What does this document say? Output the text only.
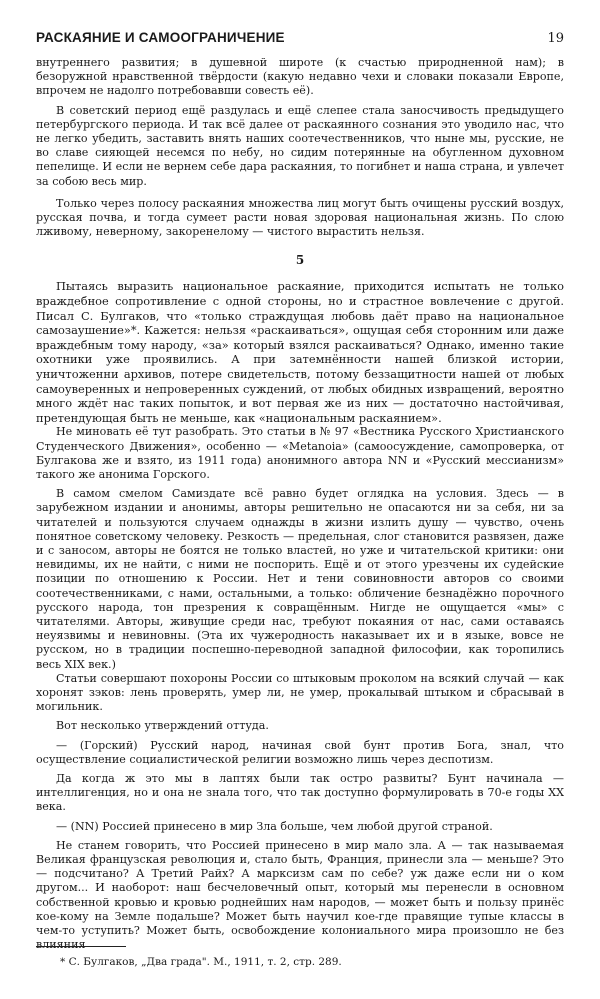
РАСКАЯНИЕ И САМООГРАНИЧЕНИЕ	19

внутреннего развития; в душевной широте (к счастью природненной нам); в безоружной нравственной твёрдости (какую недавно чехи и словаки показали Европе, впрочем не надолго потребовавши совесть её).

В советский период ещё раздулась и ещё слепее стала заносчивость предыдущего петербургского периода. И так всё далее от раскаянного сознания это уводило нас, что не легко убедить, заставить внять наших соотечественников, что ныне мы, русские, не во славе сияющей несемся по небу, но сидим потерянные на обугленном духовном пепелище. И если не вернем себе дара раскаяния, то погибнет и наша страна, и увлечет за собою весь мир.

Только через полосу раскаяния множества лиц могут быть очищены русский воздух, русская почва, и тогда сумеет расти новая здоровая национальная жизнь. По слою лживому, неверному, закоренелому — чистого вырастить нельзя.

5

Пытаясь выразить национальное раскаяние, приходится испытать не только враждебное сопротивление с одной стороны, но и страстное вовлечение с другой. Писал С. Булгаков, что «только страждущая любовь даёт право на национальное самозаушение»*. Кажется: нельзя «раскаиваться», ощущая себя сторонним или даже враждебным тому народу, «за» который взялся раскаиваться? Однако, именно такие охотники уже проявились. А при затемнённости нашей близкой истории, уничтоженни архивов, потере свидетельств, потому беззащитности нашей от любых самоуверенных и непроверенных суждений, от любых обидных извращений, вероятно много ждёт нас таких попыток, и вот первая же из них — достаточно настойчивая, претендующая быть не меньше, как «национальным раскаянием».

Не миновать её тут разобрать. Это статьи в № 97 «Вестника Русского Христианского Студенческого Движения», особенно — «Metanoia» (самоосуждение, самопроверка, от Булгакова же и взято, из 1911 года) анонимного автора NN и «Русский мессианизм» такого же анонима Горского.

В самом смелом Самиздате всё равно будет оглядка на условия. Здесь — в зарубежном издании и анонимы, авторы решительно не опасаются ни за себя, ни за читателей и пользуются случаем однажды в жизни излить душу — чувство, очень понятное советскому человеку. Резкость — предельная, слог становится развязен, даже и с заносом, авторы не боятся не только властей, но уже и читательской критики: они невидимы, их не найти, с ними не поспорить. Ещё и от этого урезчены их судейские позиции по отношению к России. Нет и тени совиновности авторов со своими соотечественниками, с нами, остальными, а только: обличение безнадёжно порочного русского народа, тон презрения к совращённым. Нигде не ощущается «мы» с читателями. Авторы, живущие среди нас, требуют покаяния от нас, сами оставаясь неуязвимы и невиновны. (Эта их чужеродность наказывает их и в языке, вовсе не русском, но в традиции поспешно-переводной западной философии, как торопились весь XIX век.)

Статьи совершают похороны России со штыковым проколом на всякий случай — как хоронят зэков: лень проверять, умер ли, не умер, прокалывай штыком и сбрасывай в могильник.

Вот несколько утверждений оттуда.

— (Горский) Русский народ, начиная свой бунт против Бога, знал, что осуществление социалистической религии возможно лишь через деспотизм.

Да когда ж это мы в лаптях были так остро развиты? Бунт начинала — интеллигенция, но и она не знала того, что так доступно формулировать в 70-е годы XX века.

— (NN) Россией принесено в мир Зла больше, чем любой другой страной.

Не станем говорить, что Россией принесено в мир мало зла. А — так называемая Великая французская революция и, стало быть, Франция, принесли зла — меньше? Это — подсчитано? А Третий Райх? А марксизм сам по себе? уж даже если ни о ком другом... И наоборот: наш бесчеловечный опыт, который мы перенесли в основном собственной кровью и кровью роднейших нам народов, — может быть и пользу принёс кое-кому на Земле подальше? Может быть научил кое-где правящие тупые классы в чем-то уступить? Может быть, освобождение колониального мира произошло не без влияния

* С. Булгаков, „Два града". М., 1911, т. 2, стр. 289.
